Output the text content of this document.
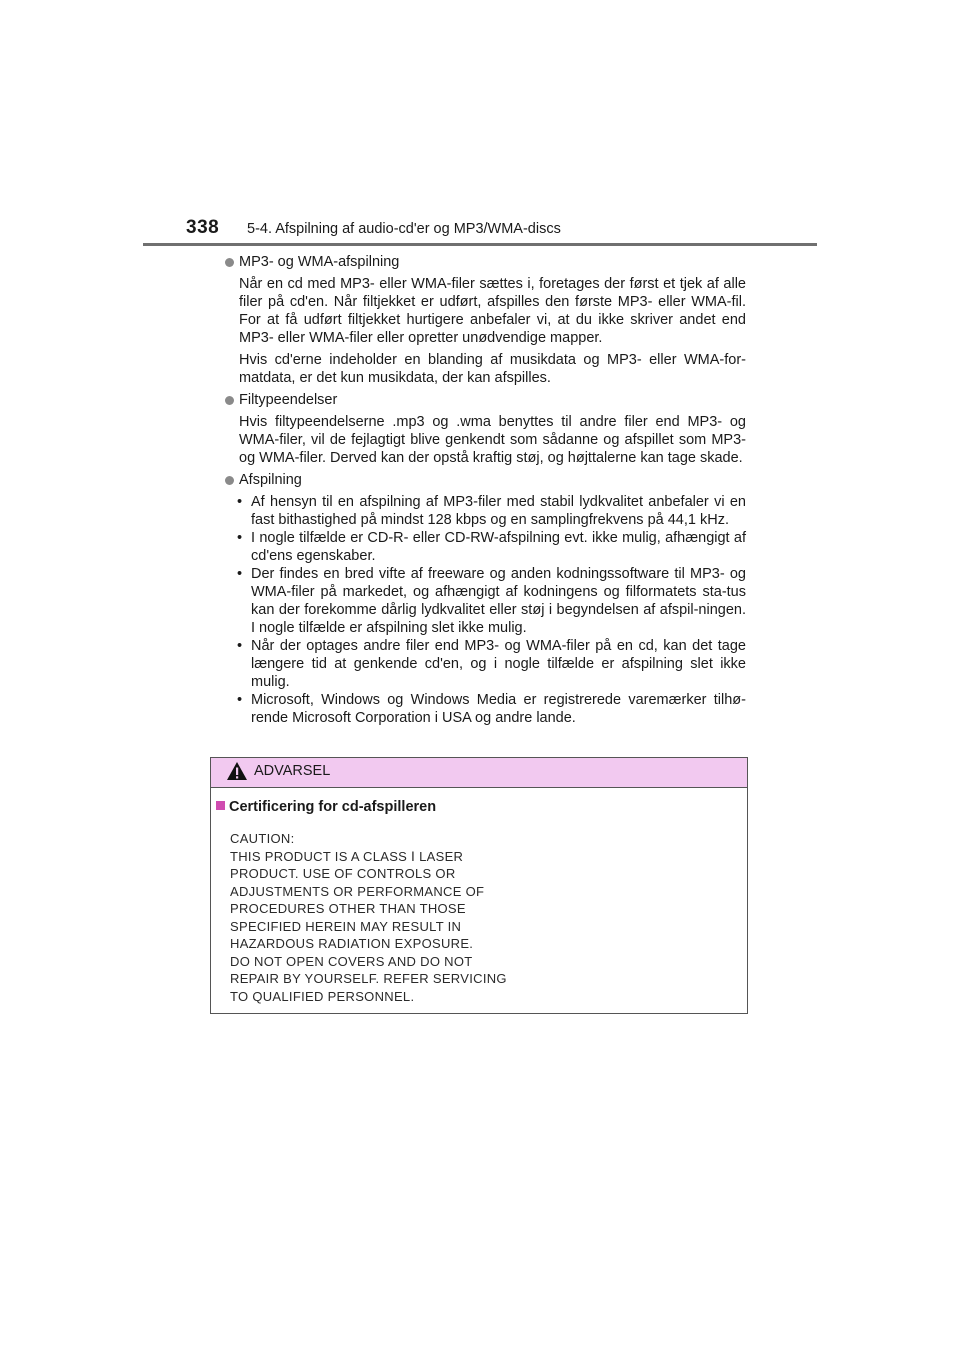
338 5-4. Afspilning af audio-cd'er og MP3/WMA-discs
MP3- og WMA-afspilning
Når en cd med MP3- eller WMA-filer sættes i, foretages der først et tjek af alle filer på cd'en. Når filtjekket er udført, afspilles den første MP3- eller WMA-fil. For at få udført filtjekket hurtigere anbefaler vi, at du ikke skriver andet end MP3- eller WMA-filer eller opretter unødvendige mapper.
Hvis cd'erne indeholder en blanding af musikdata og MP3- eller WMA-for-matdata, er det kun musikdata, der kan afspilles.
Filtypeendelser
Hvis filtypeendelserne .mp3 og .wma benyttes til andre filer end MP3- og WMA-filer, vil de fejlagtigt blive genkendt som sådanne og afspillet som MP3- og WMA-filer. Derved kan der opstå kraftig støj, og højttalerne kan tage skade.
Afspilning
• Af hensyn til en afspilning af MP3-filer med stabil lydkvalitet anbefaler vi en fast bithastighed på mindst 128 kbps og en samplingfrekvens på 44,1 kHz.
• I nogle tilfælde er CD-R- eller CD-RW-afspilning evt. ikke mulig, afhængigt af cd'ens egenskaber.
• Der findes en bred vifte af freeware og anden kodningssoftware til MP3- og WMA-filer på markedet, og afhængigt af kodningens og filformatets sta-tus kan der forekomme dårlig lydkvalitet eller støj i begyndelsen af afspil-ningen. I nogle tilfælde er afspilning slet ikke mulig.
• Når der optages andre filer end MP3- og WMA-filer på en cd, kan det tage længere tid at genkende cd'en, og i nogle tilfælde er afspilning slet ikke mulig.
• Microsoft, Windows og Windows Media er registrerede varemærker tilhø-rende Microsoft Corporation i USA og andre lande.
ADVARSEL
Certificering for cd-afspilleren
CAUTION:
THIS PRODUCT IS A CLASS Ⅰ LASER
PRODUCT. USE OF CONTROLS OR
ADJUSTMENTS OR PERFORMANCE OF
PROCEDURES OTHER THAN THOSE
SPECIFIED HEREIN MAY RESULT IN
HAZARDOUS RADIATION EXPOSURE.
DO NOT OPEN COVERS AND DO NOT
REPAIR BY YOURSELF. REFER SERVICING
TO QUALIFIED PERSONNEL.
